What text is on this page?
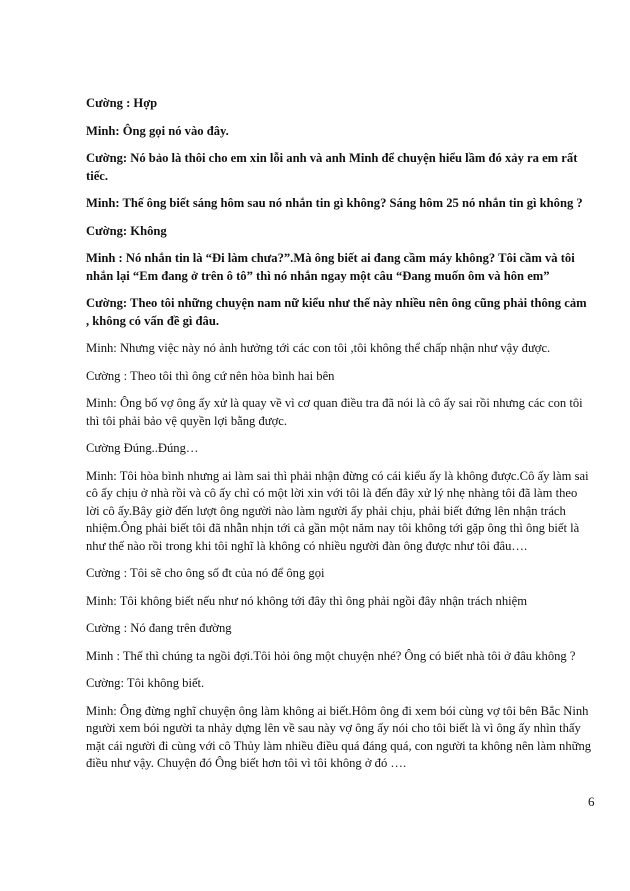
Cường : Hợp

Minh: Ông gọi nó vào đây.

Cường: Nó bảo là thôi cho em xin lỗi anh và anh Minh để chuyện hiểu lầm đó xảy ra em rất tiếc.

Minh: Thế ông biết sáng hôm sau nó nhắn tin gì không? Sáng hôm 25 nó nhắn tin gì không ?

Cường: Không

Minh : Nó nhắn tin là “Đi làm chưa?”.Mà ông biết ai đang cầm máy không? Tôi cầm và tôi nhắn lại “Em đang ở trên ô tô” thì nó nhắn ngay một câu “Đang muốn ôm và hôn em”

Cường: Theo tôi những chuyện nam nữ kiểu như thế này nhiều nên ông cũng phải thông cảm , không có vấn đề gì đâu.

Minh: Nhưng việc này nó ảnh hưởng tới các con tôi ,tôi không thể chấp nhận như vậy được.

Cường : Theo tôi thì ông cứ nên hòa bình hai bên

Minh: Ông bố vợ ông ấy xử là quay về vì cơ quan điều tra đã nói là cô ấy sai rồi nhưng các con tôi thì tôi phải bảo vệ quyền lợi bằng được.

Cường Đúng..Đúng…

Minh: Tôi hòa bình nhưng ai làm sai thì phải nhận đừng có cái kiểu ấy là không được.Cô ấy làm sai cô ấy chịu ở nhà rồi và cô ấy chỉ có một lời xin với tôi là đến đây xử lý nhẹ nhàng tôi đã làm theo lời cô ấy.Bây giờ đến lượt ông người nào làm người ấy phải chịu, phải biết đứng lên nhận trách nhiệm.Ông phải biết tôi đã nhẫn nhịn tới cả gần một năm nay tôi không tới gặp ông thì ông biết là như thế nào rồi trong khi tôi nghĩ là không có nhiều người đàn ông được như tôi đâu….

Cường : Tôi sẽ cho ông số đt của nó để ông gọi

Minh: Tôi không biết nếu như nó không tới đây thì ông phải ngồi đây nhận trách nhiệm

Cường : Nó đang trên đường

Minh : Thế thì chúng ta ngồi đợi.Tôi hỏi ông một chuyện nhé? Ông có biết nhà tôi ở đâu không ?

Cường: Tôi không biết.

Minh: Ông đừng nghĩ chuyện ông làm không ai biết.Hôm ông đi xem bói cùng vợ tôi bên Bắc Ninh người xem bói người ta nhảy dựng lên về sau này vợ ông ấy nói cho tôi biết là vì ông ấy nhìn thấy mặt cái người đi cùng với cô Thủy làm nhiều điều quá đáng quá, con người ta không nên làm những điều như vậy. Chuyện đó Ông biết hơn tôi vì tôi không ở đó ….

6
